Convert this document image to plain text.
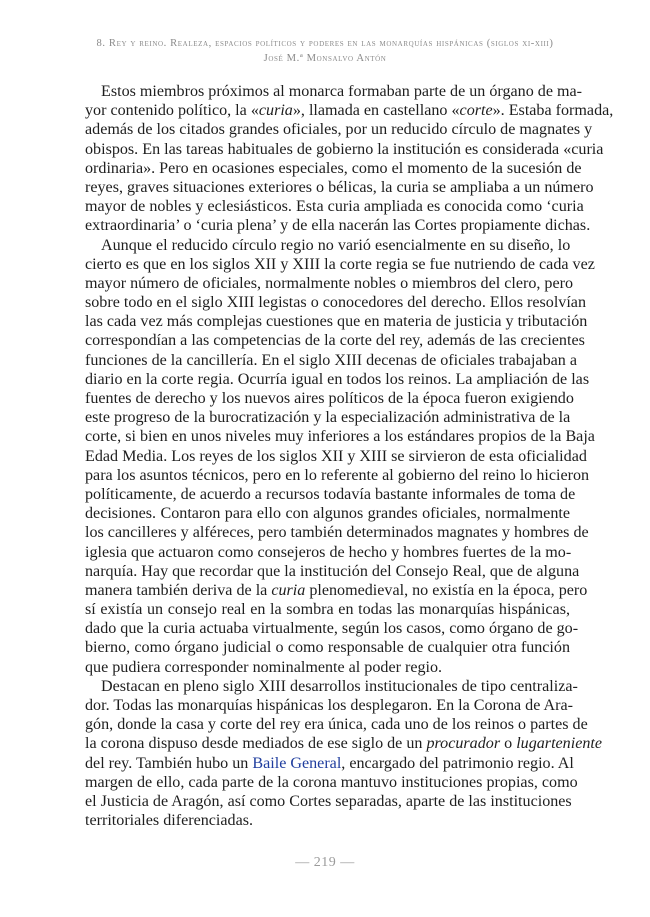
8. Rey y reino. Realeza, espacios políticos y poderes en las monarquías hispánicas (siglos xi-xiii)
José M.ª Monsalvo Antón
Estos miembros próximos al monarca formaban parte de un órgano de ma-
yor contenido político, la «curia», llamada en castellano «corte». Estaba formada,
además de los citados grandes oficiales, por un reducido círculo de magnates y
obispos. En las tareas habituales de gobierno la institución es considerada «curia
ordinaria». Pero en ocasiones especiales, como el momento de la sucesión de
reyes, graves situaciones exteriores o bélicas, la curia se ampliaba a un número
mayor de nobles y eclesiásticos. Esta curia ampliada es conocida como ‘curia
extraordinaria’ o ‘curia plena’ y de ella nacerán las Cortes propiamente dichas.
Aunque el reducido círculo regio no varió esencialmente en su diseño, lo
cierto es que en los siglos XII y XIII la corte regia se fue nutriendo de cada vez
mayor número de oficiales, normalmente nobles o miembros del clero, pero
sobre todo en el siglo XIII legistas o conocedores del derecho. Ellos resolvían
las cada vez más complejas cuestiones que en materia de justicia y tributación
correspondían a las competencias de la corte del rey, además de las crecientes
funciones de la cancillería. En el siglo XIII decenas de oficiales trabajaban a
diario en la corte regia. Ocurría igual en todos los reinos. La ampliación de las
fuentes de derecho y los nuevos aires políticos de la época fueron exigiendo
este progreso de la burocratización y la especialización administrativa de la
corte, si bien en unos niveles muy inferiores a los estándares propios de la Baja
Edad Media. Los reyes de los siglos XII y XIII se sirvieron de esta oficialidad
para los asuntos técnicos, pero en lo referente al gobierno del reino lo hicieron
políticamente, de acuerdo a recursos todavía bastante informales de toma de
decisiones. Contaron para ello con algunos grandes oficiales, normalmente
los cancilleres y alféreces, pero también determinados magnates y hombres de
iglesia que actuaron como consejeros de hecho y hombres fuertes de la mo-
narquía. Hay que recordar que la institución del Consejo Real, que de alguna
manera también deriva de la curia plenomedieval, no existía en la época, pero
sí existía un consejo real en la sombra en todas las monarquías hispánicas,
dado que la curia actuaba virtualmente, según los casos, como órgano de go-
bierno, como órgano judicial o como responsable de cualquier otra función
que pudiera corresponder nominalmente al poder regio.
Destacan en pleno siglo XIII desarrollos institucionales de tipo centraliza-
dor. Todas las monarquías hispánicas los desplegaron. En la Corona de Ara-
gón, donde la casa y corte del rey era única, cada uno de los reinos o partes de
la corona dispuso desde mediados de ese siglo de un procurador o lugarteniente
del rey. También hubo un Baile General, encargado del patrimonio regio. Al
margen de ello, cada parte de la corona mantuvo instituciones propias, como
el Justicia de Aragón, así como Cortes separadas, aparte de las instituciones
territoriales diferenciadas.
— 219 —
